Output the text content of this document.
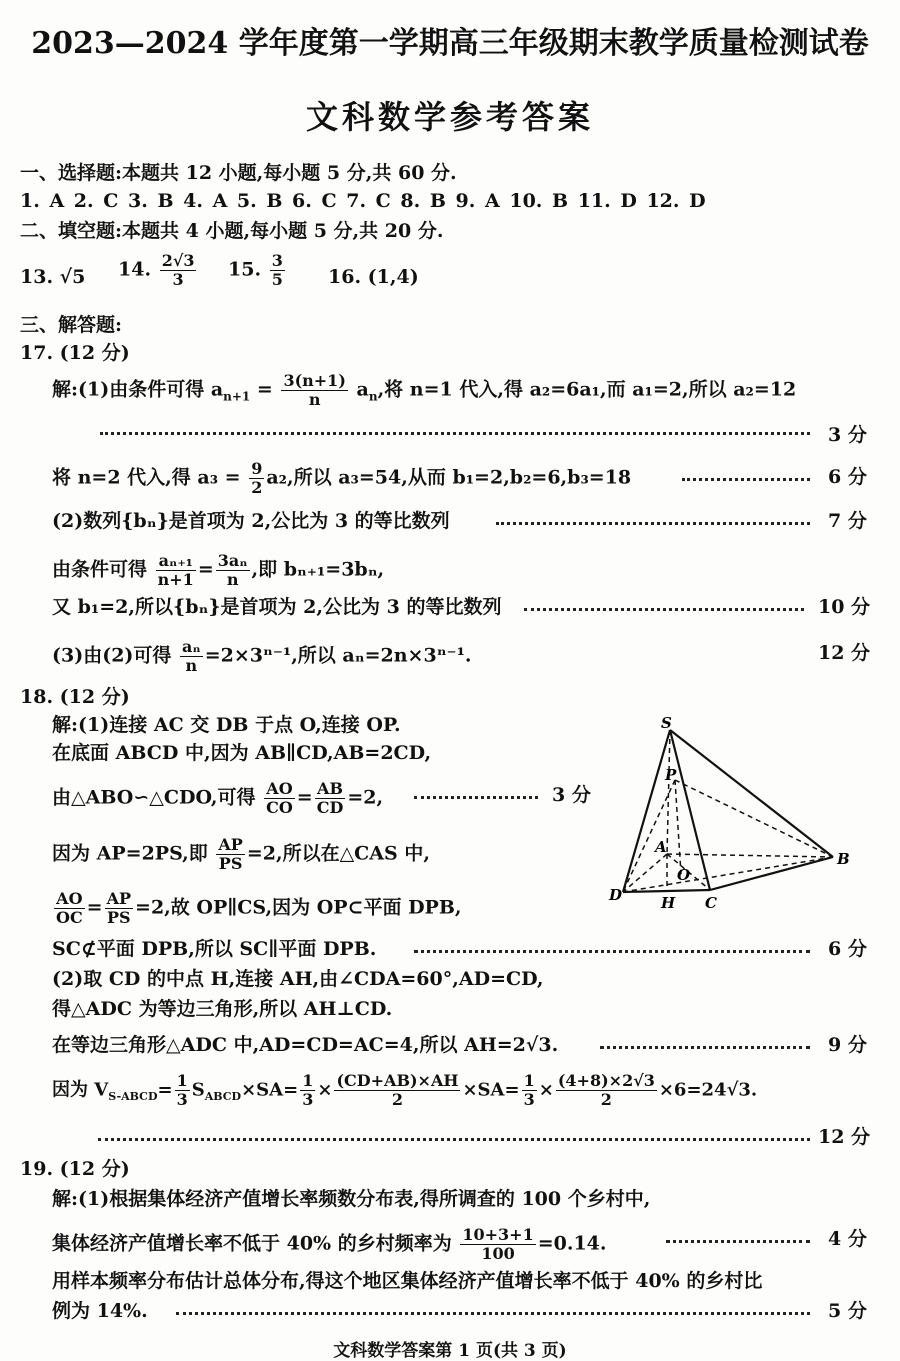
2023—2024 学年度第一学期高三年级期末教学质量检测试卷
文科数学参考答案
一、选择题:本题共 12 小题,每小题 5 分,共 60 分.
1. A 2. C 3. B 4. A 5. B 6. C 7. C 8. B 9. A 10. B 11. D 12. D
二、填空题:本题共 4 小题,每小题 5 分,共 20 分.
13. √5 14. $\frac{2√3}{3} 15$. $\frac{3}{5} 16$. (1,4)
三、解答题:
17. (12 分)
解:(1)由条件可得 $a_{n+1} = \frac{3(n+1)}{n} a_n$,将 n=1 代入,得 a₂=6a₁,而 a₁=2,所以 a₂=12
3 分
将 n=2 代入,得 $a_3 = \frac{9}{2} a_2$,所以 a₃=54,从而 b₁=2,b₂=6,b₃=18	6 分
(2)数列{bₙ}是首项为 2,公比为 3 的等比数列	7 分
由条件可得 $\frac{\text{aₙ₊₁}}{n+1} = \frac{\text{3aₙ}}{n}$ ,即 bₙ₊₁=3bₙ,
又 b₁=2,所以{bₙ}是首项为 2,公比为 3 的等比数列	10 分
(3)由(2)可得 $\frac{\text{aₙ}}{n} =2\times 3^{n-1}$,所以 aₙ=2n×3ⁿ⁻¹.	12 分
18. (12 分)
解:(1)连接 AC 交 DB 于点 O,连接 OP.
在底面 ABCD 中,因为 AB∥CD,AB=2CD,
由△ABO∽△CDO,可得 $\frac{AO}{CO} = \frac{AB}{CD} =2$,	3 分
因为 AP=2PS,即 $\frac{AP}{PS} =2$,所以在△CAS 中,
$\frac{AO}{OC} = \frac{AP}{PS} =2$,故 OP∥CS,因为 OP⊂平面 DPB,
SC⊄平面 DPB,所以 SC∥平面 DPB.	6 分
(2)取 CD 的中点 H,连接 AH,由∠CDA=60°,AD=CD,
得△ADC 为等边三角形,所以 AH⊥CD.
在等边三角形△ADC 中,AD=CD=AC=4,所以 AH=2√3.	9 分
因为 $V_{S-ABCD}= \frac{1}{3} S_{ABCD}\times SA= \frac{1}{3} \times \frac{(CD+AB)\times AH}{2} \times SA= \frac{1}{3} \times \frac{(4+8)\times 2√3}{2} \times 6=24√3$.
12 分
S
P
A
O
B
D	H C
19. (12 分)
解:(1)根据集体经济产值增长率频数分布表,得所调查的 100 个乡村中,
集体经济产值增长率不低于 40% 的乡村频率为 $\frac{10+3+1}{100} =0.14$.	4 分
用样本频率分布估计总体分布,得这个地区集体经济产值增长率不低于 40% 的乡村比
例为 14%.	5 分
文科数学答案第 1 页(共 3 页)
